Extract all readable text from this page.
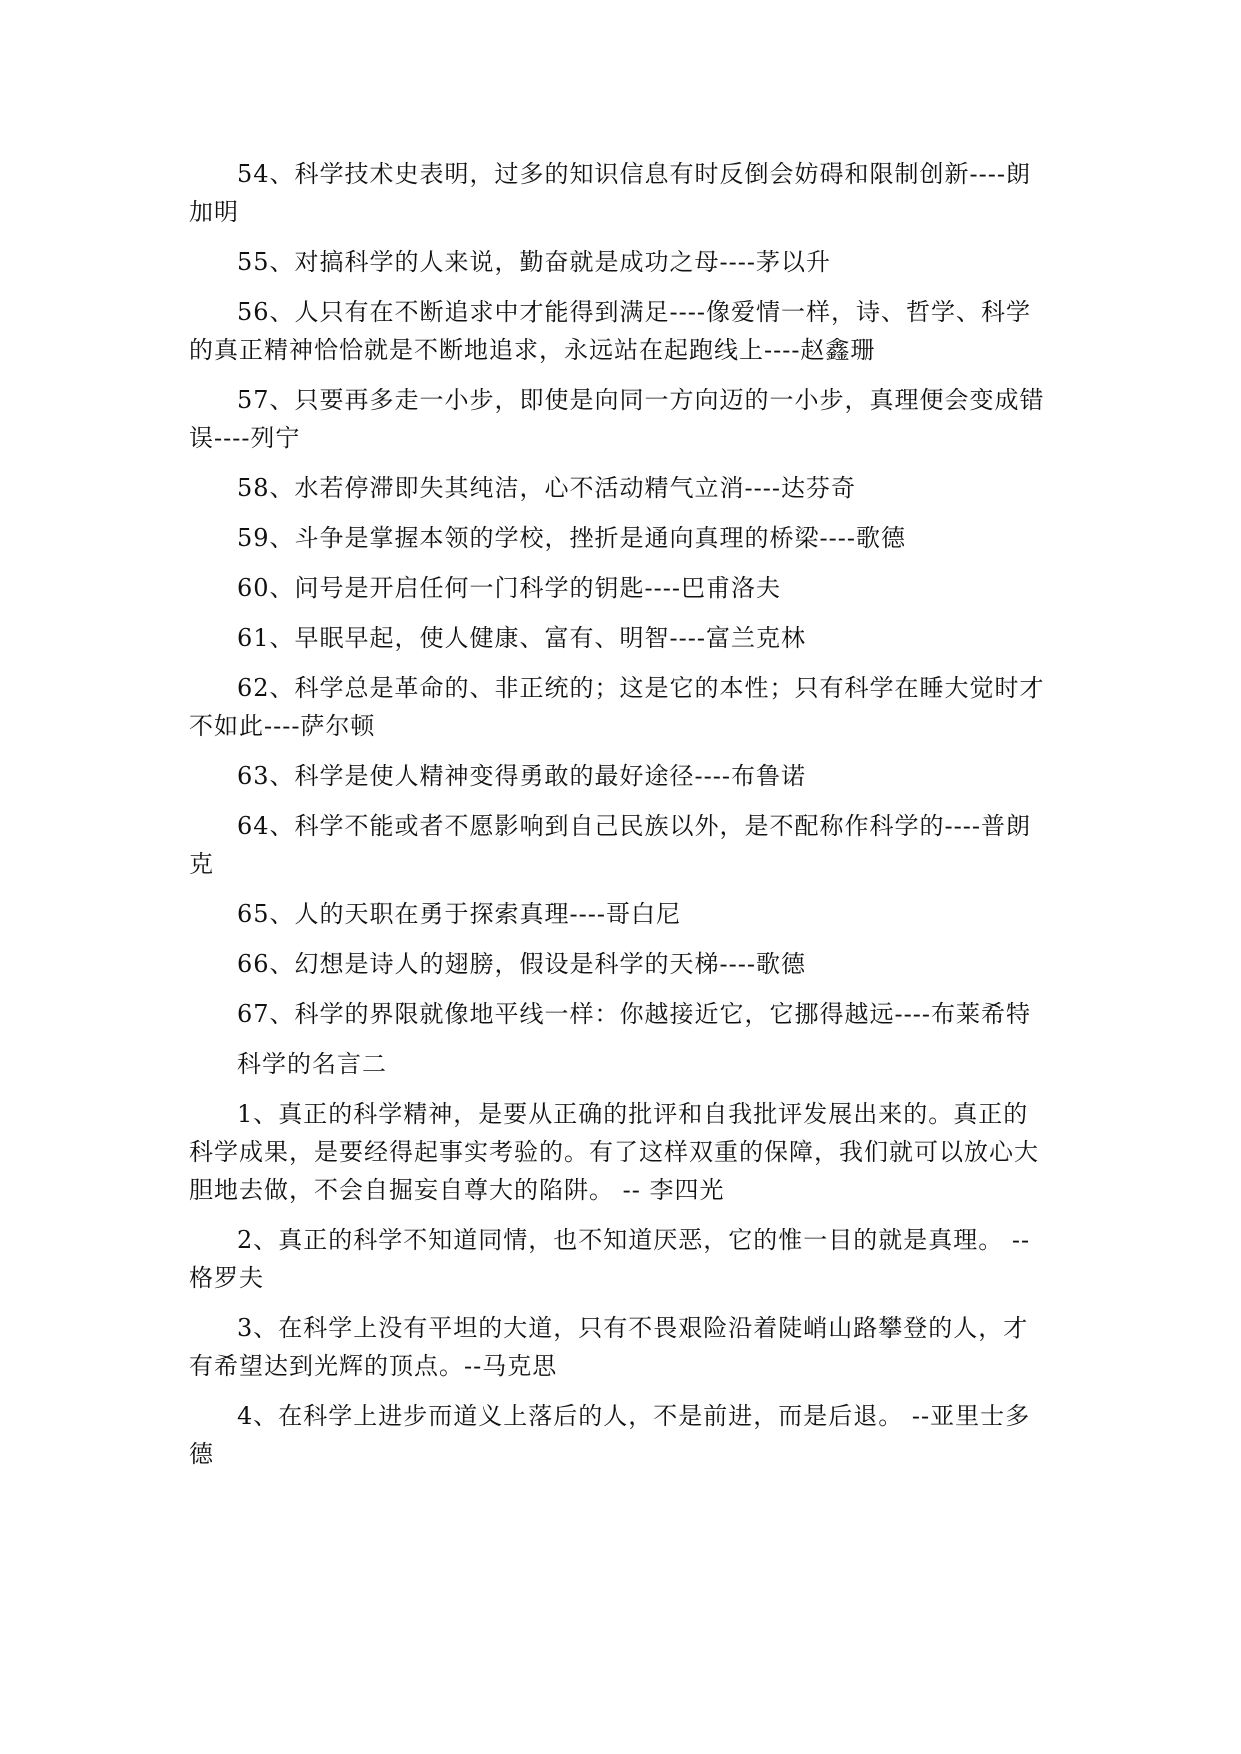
54、科学技术史表明，过多的知识信息有时反倒会妨碍和限制创新----朗加明

55、对搞科学的人来说，勤奋就是成功之母----茅以升

56、人只有在不断追求中才能得到满足----像爱情一样，诗、哲学、科学的真正精神恰恰就是不断地追求，永远站在起跑线上----赵鑫珊

57、只要再多走一小步，即使是向同一方向迈的一小步，真理便会变成错误----列宁

58、水若停滞即失其纯洁，心不活动精气立消----达芬奇

59、斗争是掌握本领的学校，挫折是通向真理的桥梁----歌德

60、问号是开启任何一门科学的钥匙----巴甫洛夫

61、早眠早起，使人健康、富有、明智----富兰克林

62、科学总是革命的、非正统的；这是它的本性；只有科学在睡大觉时才不如此----萨尔顿

63、科学是使人精神变得勇敢的最好途径----布鲁诺

64、科学不能或者不愿影响到自己民族以外，是不配称作科学的----普朗克

65、人的天职在勇于探索真理----哥白尼

66、幻想是诗人的翅膀，假设是科学的天梯----歌德

67、科学的界限就像地平线一样：你越接近它，它挪得越远----布莱希特

科学的名言二

1、真正的科学精神，是要从正确的批评和自我批评发展出来的。真正的科学成果，是要经得起事实考验的。有了这样双重的保障，我们就可以放心大胆地去做，不会自掘妄自尊大的陷阱。 -- 李四光

2、真正的科学不知道同情，也不知道厌恶，它的惟一目的就是真理。 --格罗夫

3、在科学上没有平坦的大道，只有不畏艰险沿着陡峭山路攀登的人，才有希望达到光辉的顶点。--马克思

4、在科学上进步而道义上落后的人，不是前进，而是后退。 --亚里士多德
